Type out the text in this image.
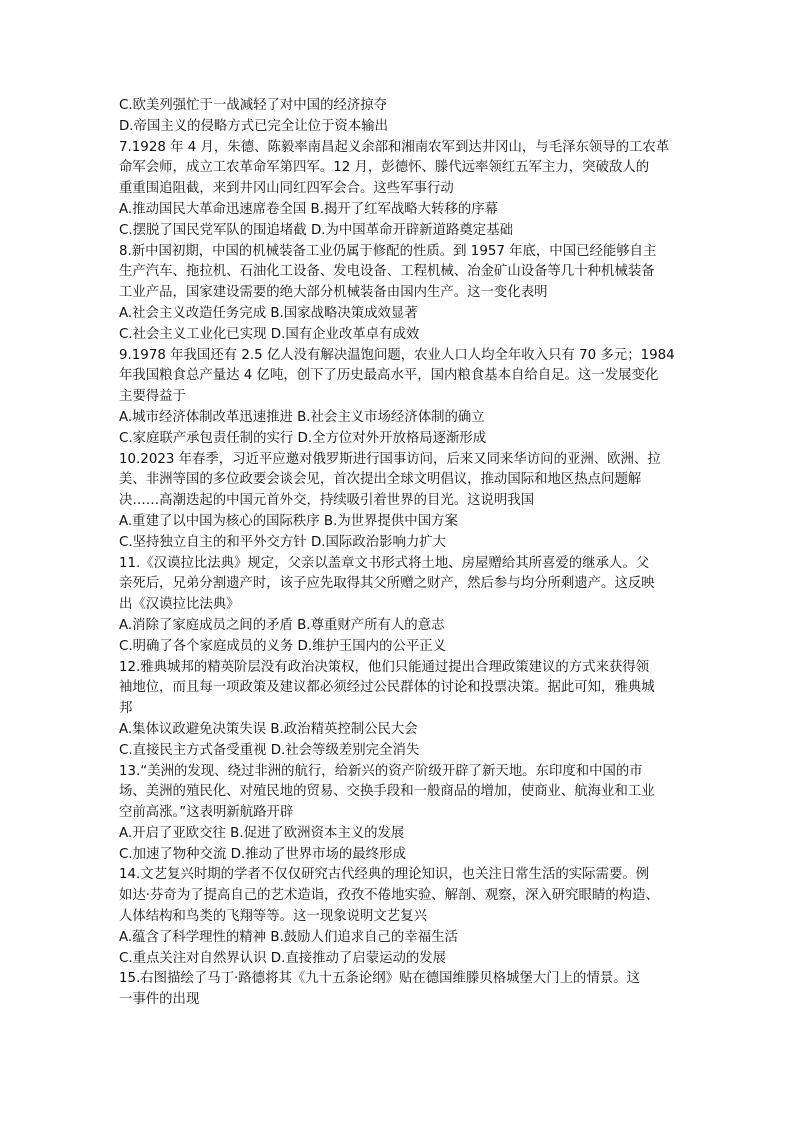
C.欧美列强忙于一战减轻了对中国的经济掠夺
D.帝国主义的侵略方式已完全让位于资本输出
7.1928 年 4 月，朱德、陈毅率南昌起义余部和湘南农军到达井冈山，与毛泽东领导的工农革
命军会师，成立工农革命军第四军。12 月，彭德怀、滕代远率领红五军主力，突破敌人的
重重围追阻截，来到井冈山同红四军会合。这些军事行动
A.推动国民大革命迅速席卷全国 B.揭开了红军战略大转移的序幕
C.摆脱了国民党军队的围追堵截 D.为中国革命开辟新道路奠定基础
8.新中国初期，中国的机械装备工业仍属于修配的性质。到 1957 年底，中国已经能够自主
生产汽车、拖拉机、石油化工设备、发电设备、工程机械、冶金矿山设备等几十种机械装备
工业产品，国家建设需要的绝大部分机械装备由国内生产。这一变化表明
A.社会主义改造任务完成 B.国家战略决策成效显著
C.社会主义工业化已实现 D.国有企业改革卓有成效
9.1978 年我国还有 2.5 亿人没有解决温饱问题，农业人口人均全年收入只有 70 多元；1984
年我国粮食总产量达 4 亿吨，创下了历史最高水平，国内粮食基本自给自足。这一发展变化
主要得益于
A.城市经济体制改革迅速推进 B.社会主义市场经济体制的确立
C.家庭联产承包责任制的实行 D.全方位对外开放格局逐渐形成
10.2023 年春季，习近平应邀对俄罗斯进行国事访问，后来又同来华访问的亚洲、欧洲、拉
美、非洲等国的多位政要会谈会见，首次提出全球文明倡议，推动国际和地区热点问题解
决……高潮迭起的中国元首外交，持续吸引着世界的目光。这说明我国
A.重建了以中国为核心的国际秩序 B.为世界提供中国方案
C.坚持独立自主的和平外交方针 D.国际政治影响力扩大
11.《汉谟拉比法典》规定，父亲以盖章文书形式将土地、房屋赠给其所喜爱的继承人。父
亲死后，兄弟分割遗产时，该子应先取得其父所赠之财产，然后参与均分所剩遗产。这反映
出《汉谟拉比法典》
A.消除了家庭成员之间的矛盾 B.尊重财产所有人的意志
C.明确了各个家庭成员的义务 D.维护王国内的公平正义
12.雅典城邦的精英阶层没有政治决策权，他们只能通过提出合理政策建议的方式来获得领
袖地位，而且每一项政策及建议都必须经过公民群体的讨论和投票决策。据此可知，雅典城
邦
A.集体议政避免决策失误 B.政治精英控制公民大会
C.直接民主方式备受重视 D.社会等级差别完全消失
13.“美洲的发现、绕过非洲的航行，给新兴的资产阶级开辟了新天地。东印度和中国的市
场、美洲的殖民化、对殖民地的贸易、交换手段和一般商品的增加，使商业、航海业和工业
空前高涨。”这表明新航路开辟
A.开启了亚欧交往 B.促进了欧洲资本主义的发展
C.加速了物种交流 D.推动了世界市场的最终形成
14.文艺复兴时期的学者不仅仅研究古代经典的理论知识，也关注日常生活的实际需要。例
如达·芬奇为了提高自己的艺术造诣，孜孜不倦地实验、解剖、观察，深入研究眼睛的构造、
人体结构和鸟类的飞翔等等。这一现象说明文艺复兴
A.蕴含了科学理性的精神 B.鼓励人们追求自己的幸福生活
C.重点关注对自然界认识 D.直接推动了启蒙运动的发展
15.右图描绘了马丁·路德将其《九十五条论纲》贴在德国维滕贝格城堡大门上的情景。这
一事件的出现
